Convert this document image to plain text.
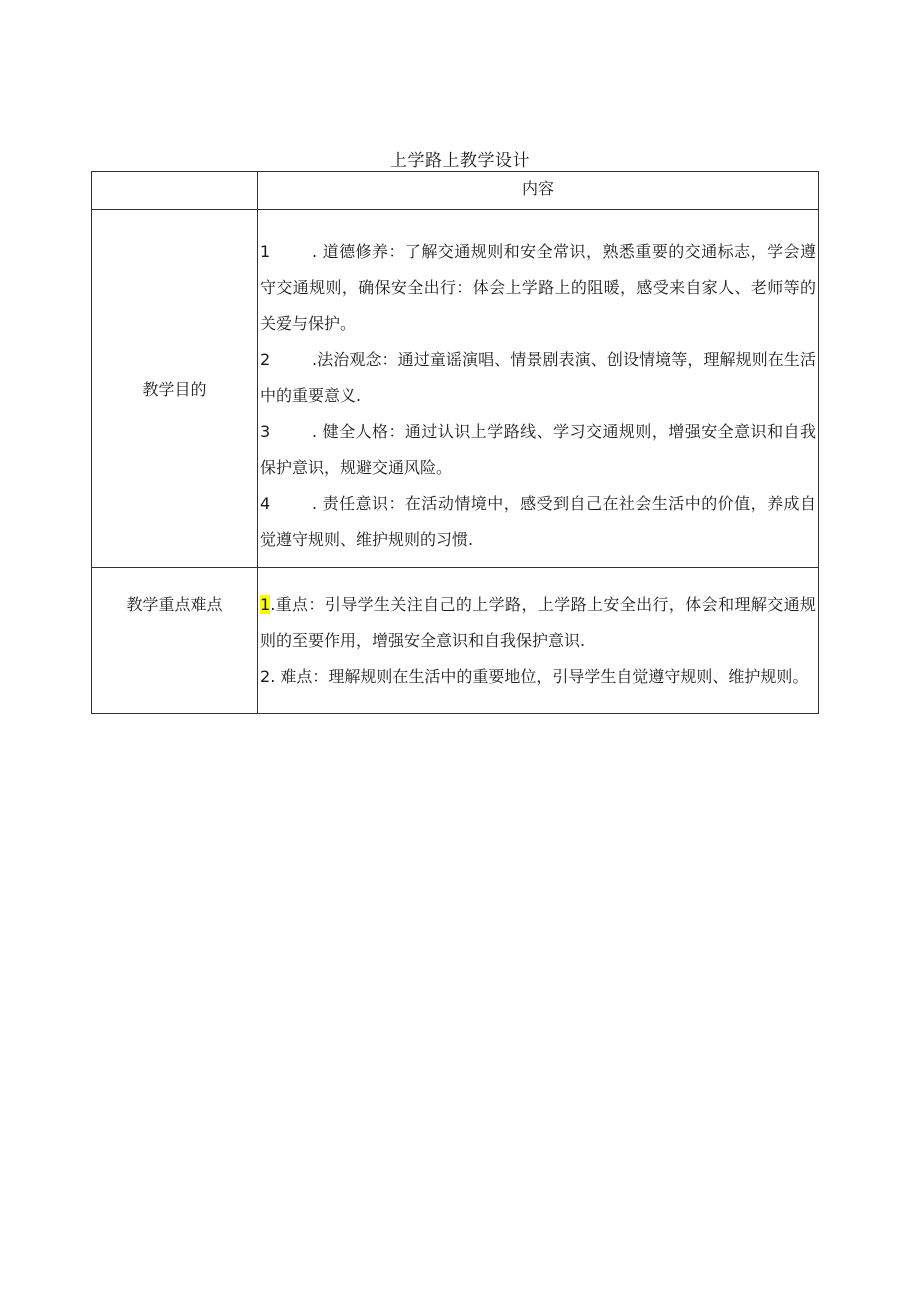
上学路上教学设计
	内容
教学目的	1 . 道德修养：了解交通规则和安全常识，熟悉重要的交通标志，学会遵守交通规则，确保安全出行：体会上学路上的阻暖，感受来自家人、老师等的关爱与保护。

2 .法治观念：通过童谣演唱、情景剧表演、创设情境等，理解规则在生活中的重要意义.

3 . 健全人格：通过认识上学路线、学习交通规则，增强安全意识和自我保护意识，规避交通风险。

4 . 责任意识：在活动情境中，感受到自己在社会生活中的价值，养成自觉遵守规则、维护规则的习惯.

教学重点难点	1.重点：引导学生关注自己的上学路，上学路上安全出行，体会和理解交通规则的至要作用，增强安全意识和自我保护意识.

2. 难点：理解规则在生活中的重要地位，引导学生自觉遵守规则、维护规则。
